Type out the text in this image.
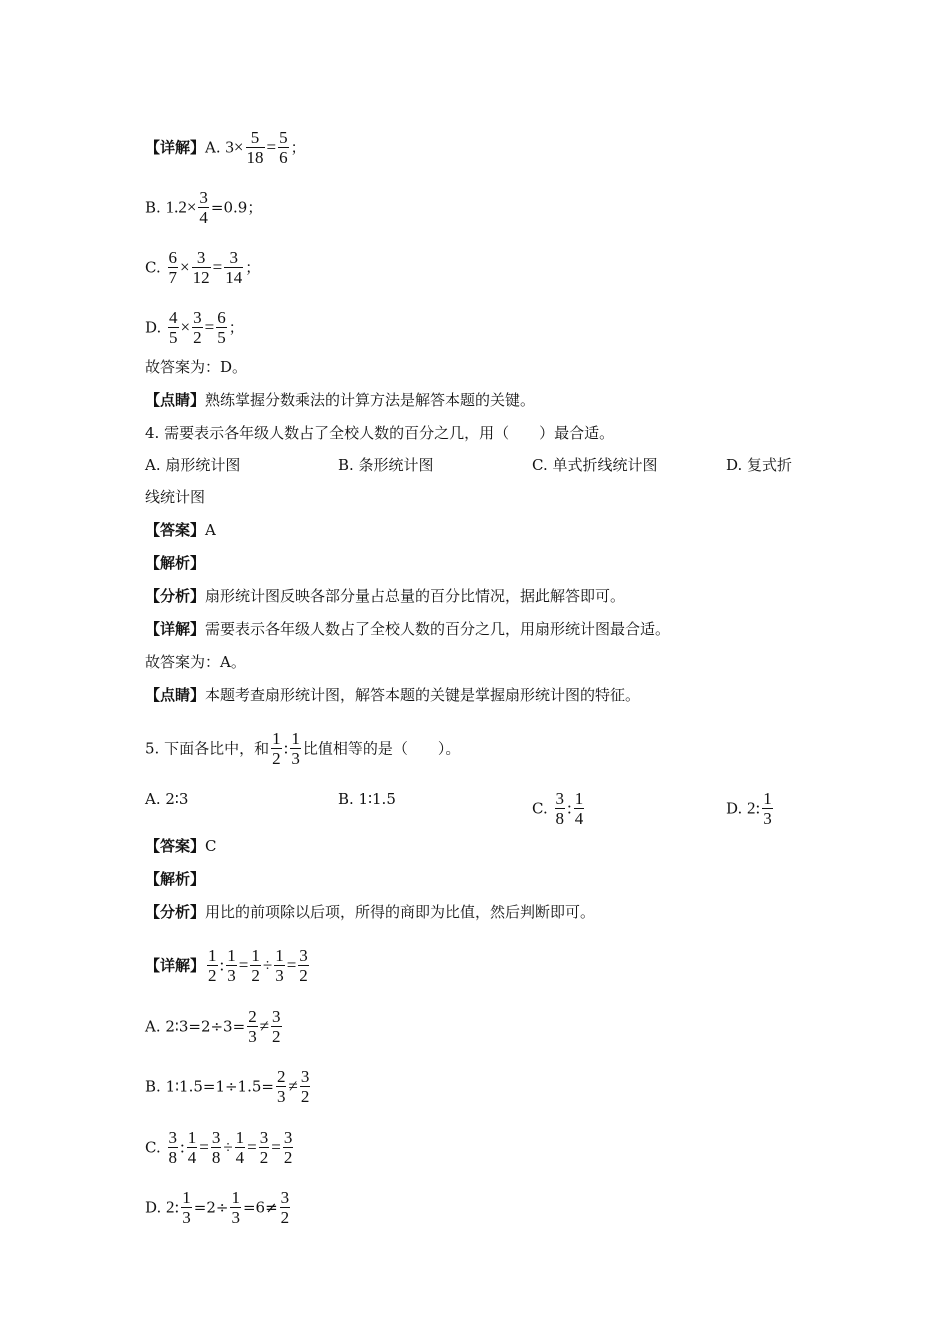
【详解】A. $3\times \frac{5}{18} = \frac{5}{6}$ ；
B. $1.2\times \frac{3}{4} =0.9$；
C. $\frac{6}{7} \times \frac{3}{12} = \frac{3}{14}$ ；
D. $\frac{4}{5} \times \frac{3}{2} = \frac{6}{5}$ ；
故答案为：D。
【点睛】熟练掌握分数乘法的计算方法是解答本题的关键。
4. 需要表示各年级人数占了全校人数的百分之几，用（　　）最合适。
A. 扇形统计图	B. 条形统计图	C. 单式折线统计图	D. 复式折
线统计图
【答案】A
【解析】
【分析】扇形统计图反映各部分量占总量的百分比情况，据此解答即可。
【详解】需要表示各年级人数占了全校人数的百分之几，用扇形统计图最合适。
故答案为：A。
【点睛】本题考查扇形统计图，解答本题的关键是掌握扇形统计图的特征。
5. 下面各比中，和 $\frac{1}{2}$ : $\frac{1}{3}$ 比值相等的是（　　）。
A. 2∶3	B. 1∶1.5
C. $\frac{3}{8}$ : $\frac{1}{4}$	D. 2: $\frac{1}{3}$
【答案】C
【解析】
【分析】用比的前项除以后项，所得的商即为比值，然后判断即可。
【详解】 $\frac{1}{2}$ : $\frac{1}{3} = \frac{1}{2} \div \frac{1}{3} = \frac{3}{2}$
A. 2∶3=2÷3= $\frac{2}{3} \ne \frac{3}{2}$
B. 1∶1.5=1÷1.5= $\frac{2}{3} \ne \frac{3}{2}$
C. $\frac{3}{8}$ : $\frac{1}{4} = \frac{3}{8} \div \frac{1}{4} = \frac{3}{2} = \frac{3}{2}$
D. 2: $\frac{1}{3} =2\div \frac{1}{3} =6\ne \frac{3}{2}$
